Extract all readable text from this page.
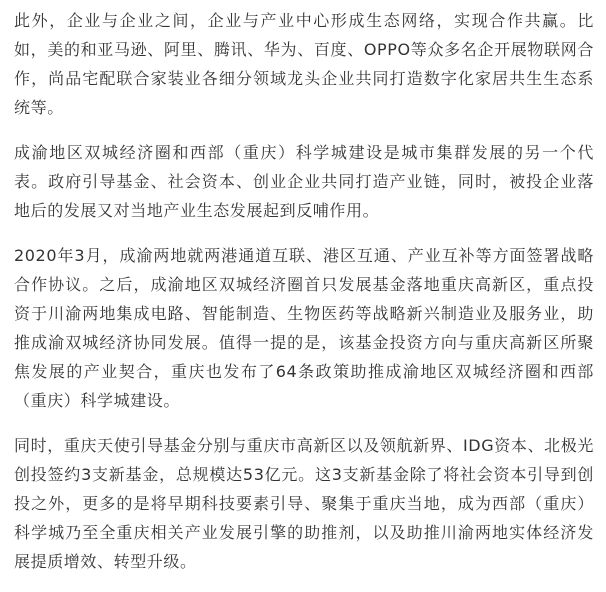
此外，企业与企业之间，企业与产业中心形成生态网络，实现合作共赢。比如，美的和亚马逊、阿里、腾讯、华为、百度、OPPO等众多名企开展物联网合作，尚品宅配联合家装业各细分领域龙头企业共同打造数字化家居共生生态系统等。

成渝地区双城经济圈和西部（重庆）科学城建设是城市集群发展的另一个代表。政府引导基金、社会资本、创业企业共同打造产业链，同时，被投企业落地后的发展又对当地产业生态发展起到反哺作用。

2020年3月，成渝两地就两港通道互联、港区互通、产业互补等方面签署战略合作协议。之后，成渝地区双城经济圈首只发展基金落地重庆高新区，重点投资于川渝两地集成电路、智能制造、生物医药等战略新兴制造业及服务业，助推成渝双城经济协同发展。值得一提的是，该基金投资方向与重庆高新区所聚焦发展的产业契合，重庆也发布了64条政策助推成渝地区双城经济圈和西部（重庆）科学城建设。

同时，重庆天使引导基金分别与重庆市高新区以及领航新界、IDG资本、北极光创投签约3支新基金，总规模达53亿元。这3支新基金除了将社会资本引导到创投之外，更多的是将早期科技要素引导、聚集于重庆当地，成为西部（重庆）科学城乃至全重庆相关产业发展引擎的助推剂，以及助推川渝两地实体经济发展提质增效、转型升级。
